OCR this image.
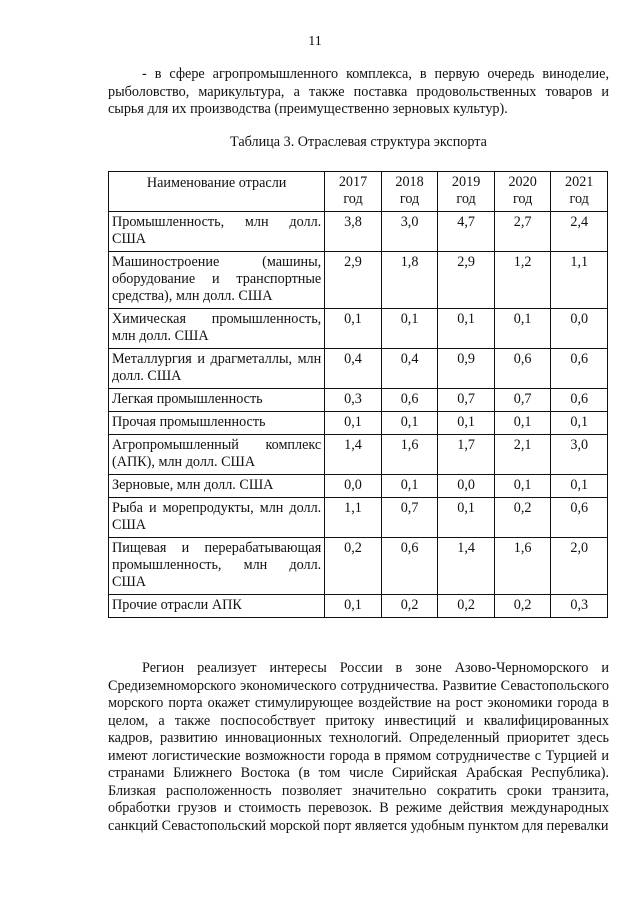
11

- в сфере агропромышленного комплекса, в первую очередь виноделие, рыболовство, марикультура, а также поставка продовольственных товаров и сырья для их производства (преимущественно зерновых культур).

Таблица 3. Отраслевая структура экспорта
Наименование отрасли	2017 год	2018 год	2019 год	2020 год	2021 год
Промышленность, млн долл. США	3,8	3,0	4,7	2,7	2,4
Машиностроение (машины, оборудование и транспортные средства), млн долл. США	2,9	1,8	2,9	1,2	1,1
Химическая промышленность, млн долл. США	0,1	0,1	0,1	0,1	0,0
Металлургия и драгметаллы, млн долл. США	0,4	0,4	0,9	0,6	0,6
Легкая промышленность	0,3	0,6	0,7	0,7	0,6
Прочая промышленность	0,1	0,1	0,1	0,1	0,1
Агропромышленный комплекс (АПК), млн долл. США	1,4	1,6	1,7	2,1	3,0
Зерновые, млн долл. США	0,0	0,1	0,0	0,1	0,1
Рыба и морепродукты, млн долл. США	1,1	0,7	0,1	0,2	0,6
Пищевая и перерабатывающая промышленность, млн долл. США	0,2	0,6	1,4	1,6	2,0
Прочие отрасли АПК	0,1	0,2	0,2	0,2	0,3

Регион реализует интересы России в зоне Азово-Черноморского и Средиземноморского экономического сотрудничества. Развитие Севастопольского морского порта окажет стимулирующее воздействие на рост экономики города в целом, а также поспособствует притоку инвестиций и квалифицированных кадров, развитию инновационных технологий. Определенный приоритет здесь имеют логистические возможности города в прямом сотрудничестве с Турцией и странами Ближнего Востока (в том числе Сирийская Арабская Республика). Близкая расположенность позволяет значительно сократить сроки транзита, обработки грузов и стоимость перевозок. В режиме действия международных санкций Севастопольский морской порт является удобным пунктом для перевалки
